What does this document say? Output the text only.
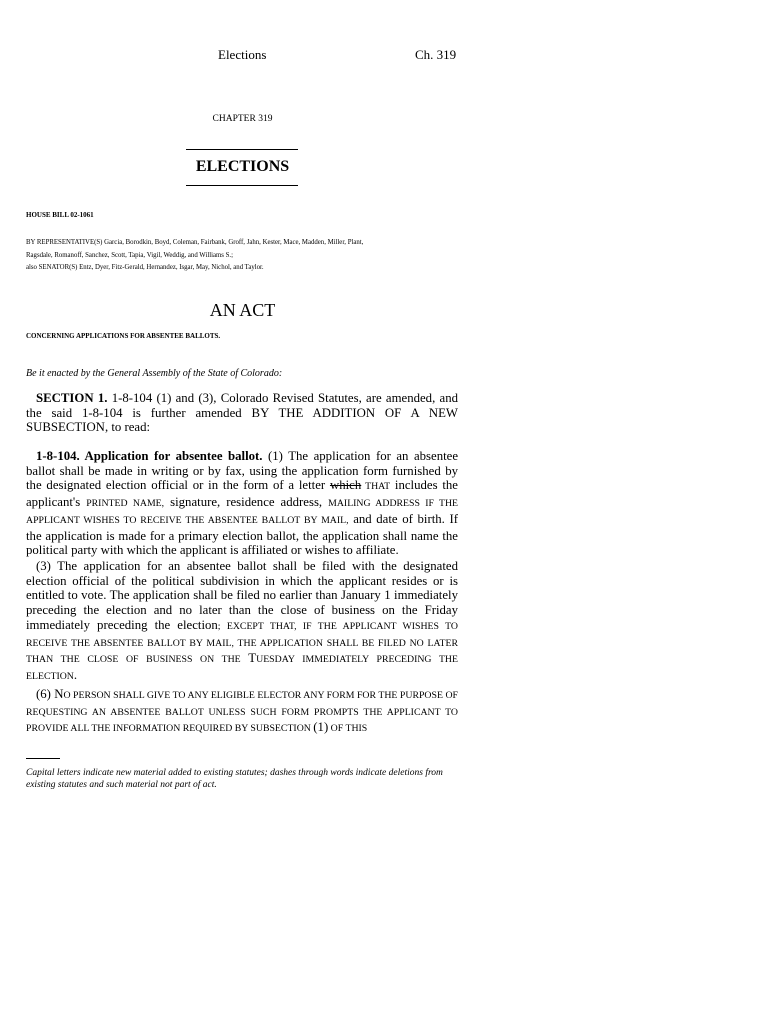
Elections	Ch. 319
CHAPTER 319
ELECTIONS
HOUSE BILL 02-1061
BY REPRESENTATIVE(S) Garcia, Borodkin, Boyd, Coleman, Fairbank, Groff, Jahn, Kester, Mace, Madden, Miller, Plant,
Ragsdale, Romanoff, Sanchez, Scott, Tapia, Vigil, Weddig, and Williams S.;
also SENATOR(S) Entz, Dyer, Fitz-Gerald, Hernandez, Isgar, May, Nichol, and Taylor.
AN ACT
CONCERNING APPLICATIONS FOR ABSENTEE BALLOTS.
Be it enacted by the General Assembly of the State of Colorado:
SECTION 1. 1-8-104 (1) and (3), Colorado Revised Statutes, are amended, and the said 1-8-104 is further amended BY THE ADDITION OF A NEW SUBSECTION, to read:
1-8-104. Application for absentee ballot. (1) The application for an absentee ballot shall be made in writing or by fax, using the application form furnished by the designated election official or in the form of a letter which THAT includes the applicant's PRINTED NAME, signature, residence address, MAILING ADDRESS IF THE APPLICANT WISHES TO RECEIVE THE ABSENTEE BALLOT BY MAIL, and date of birth. If the application is made for a primary election ballot, the application shall name the political party with which the applicant is affiliated or wishes to affiliate.
(3) The application for an absentee ballot shall be filed with the designated election official of the political subdivision in which the applicant resides or is entitled to vote. The application shall be filed no earlier than January 1 immediately preceding the election and no later than the close of business on the Friday immediately preceding the election; EXCEPT THAT, IF THE APPLICANT WISHES TO RECEIVE THE ABSENTEE BALLOT BY MAIL, THE APPLICATION SHALL BE FILED NO LATER THAN THE CLOSE OF BUSINESS ON THE TUESDAY IMMEDIATELY PRECEDING THE ELECTION.
(6) NO PERSON SHALL GIVE TO ANY ELIGIBLE ELECTOR ANY FORM FOR THE PURPOSE OF REQUESTING AN ABSENTEE BALLOT UNLESS SUCH FORM PROMPTS THE APPLICANT TO PROVIDE ALL THE INFORMATION REQUIRED BY SUBSECTION (1) OF THIS
Capital letters indicate new material added to existing statutes; dashes through words indicate deletions from existing statutes and such material not part of act.
